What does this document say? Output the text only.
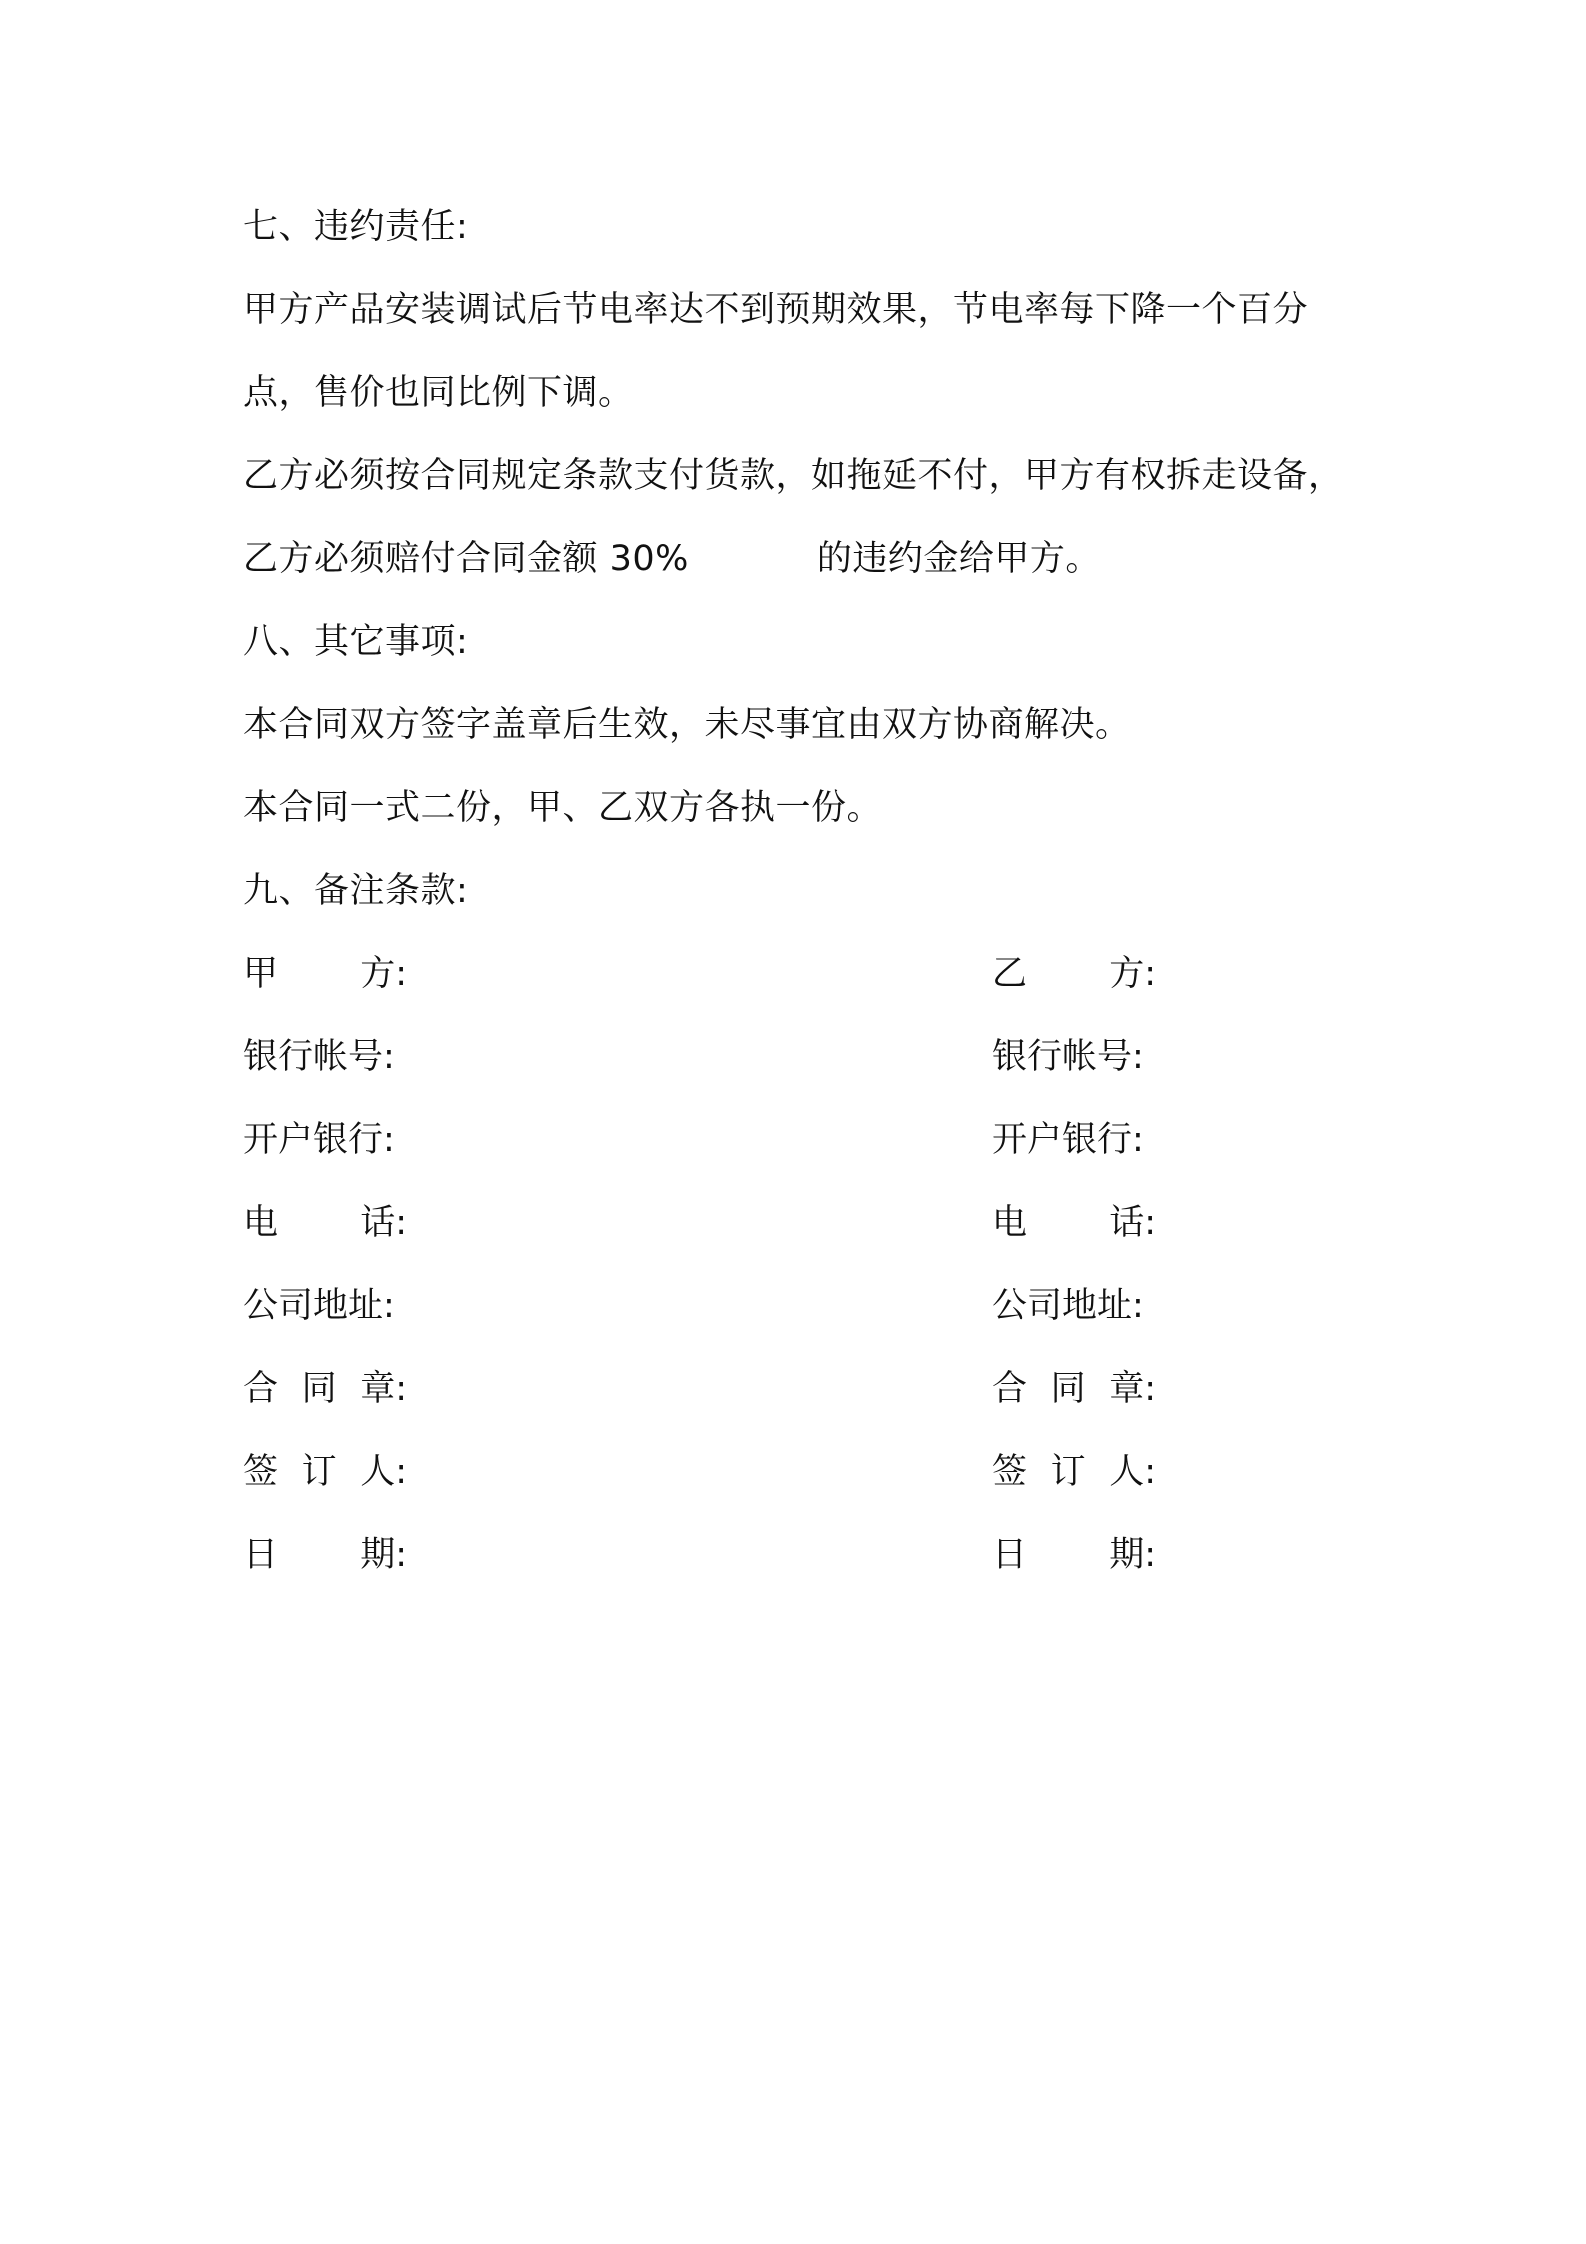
七、违约责任:
甲方产品安装调试后节电率达不到预期效果，节电率每下降一个百分
点，售价也同比例下调。
乙方必须按合同规定条款支付货款，如拖延不付，甲方有权拆走设备，
乙方必须赔付合同金额 30%	的违约金给甲方。
八、其它事项:
本合同双方签字盖章后生效，未尽事宜由双方协商解决。
本合同一式二份，甲、乙双方各执一份。
九、备注条款:
甲 方:	乙 方:
银行帐号:	银行帐号:
开户银行:	开户银行:
电 话:	电 话:
公司地址:	公司地址:
合 同 章:	合 同 章:
签 订 人:	签 订 人:
日 期:	日 期:
